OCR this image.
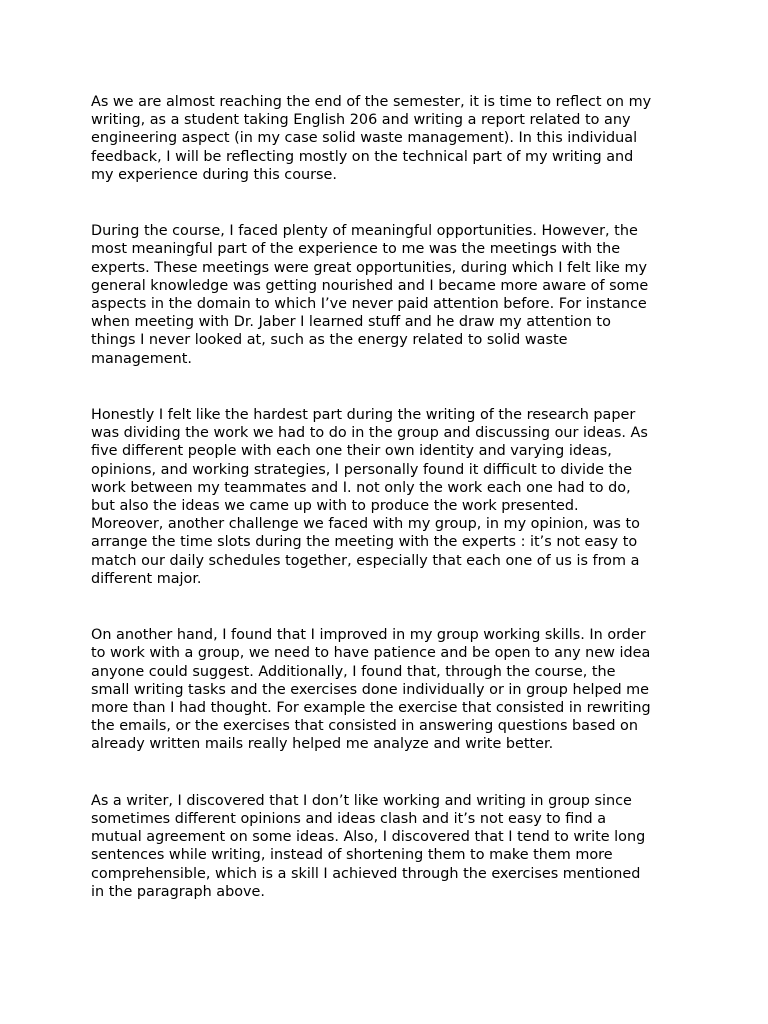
As we are almost reaching the end of the semester, it is time to reflect on my
writing, as a student taking English 206 and writing a report related to any
engineering aspect (in my case solid waste management). In this individual
feedback, I will be reflecting mostly on the technical part of my writing and
my experience during this course.

During the course, I faced plenty of meaningful opportunities. However, the
most meaningful part of the experience to me was the meetings with the
experts. These meetings were great opportunities, during which I felt like my
general knowledge was getting nourished and I became more aware of some
aspects in the domain to which I’ve never paid attention before. For instance
when meeting with Dr. Jaber I learned stuff and he draw my attention to
things I never looked at, such as the energy related to solid waste
management.

Honestly I felt like the hardest part during the writing of the research paper
was dividing the work we had to do in the group and discussing our ideas. As
five different people with each one their own identity and varying ideas,
opinions, and working strategies, I personally found it difficult to divide the
work between my teammates and I. not only the work each one had to do,
but also the ideas we came up with to produce the work presented.
Moreover, another challenge we faced with my group, in my opinion, was to
arrange the time slots during the meeting with the experts : it’s not easy to
match our daily schedules together, especially that each one of us is from a
different major.

On another hand, I found that I improved in my group working skills. In order
to work with a group, we need to have patience and be open to any new idea
anyone could suggest. Additionally, I found that, through the course, the
small writing tasks and the exercises done individually or in group helped me
more than I had thought. For example the exercise that consisted in rewriting
the emails, or the exercises that consisted in answering questions based on
already written mails really helped me analyze and write better.

As a writer, I discovered that I don’t like working and writing in group since
sometimes different opinions and ideas clash and it’s not easy to find a
mutual agreement on some ideas. Also, I discovered that I tend to write long
sentences while writing, instead of shortening them to make them more
comprehensible, which is a skill I achieved through the exercises mentioned
in the paragraph above.
